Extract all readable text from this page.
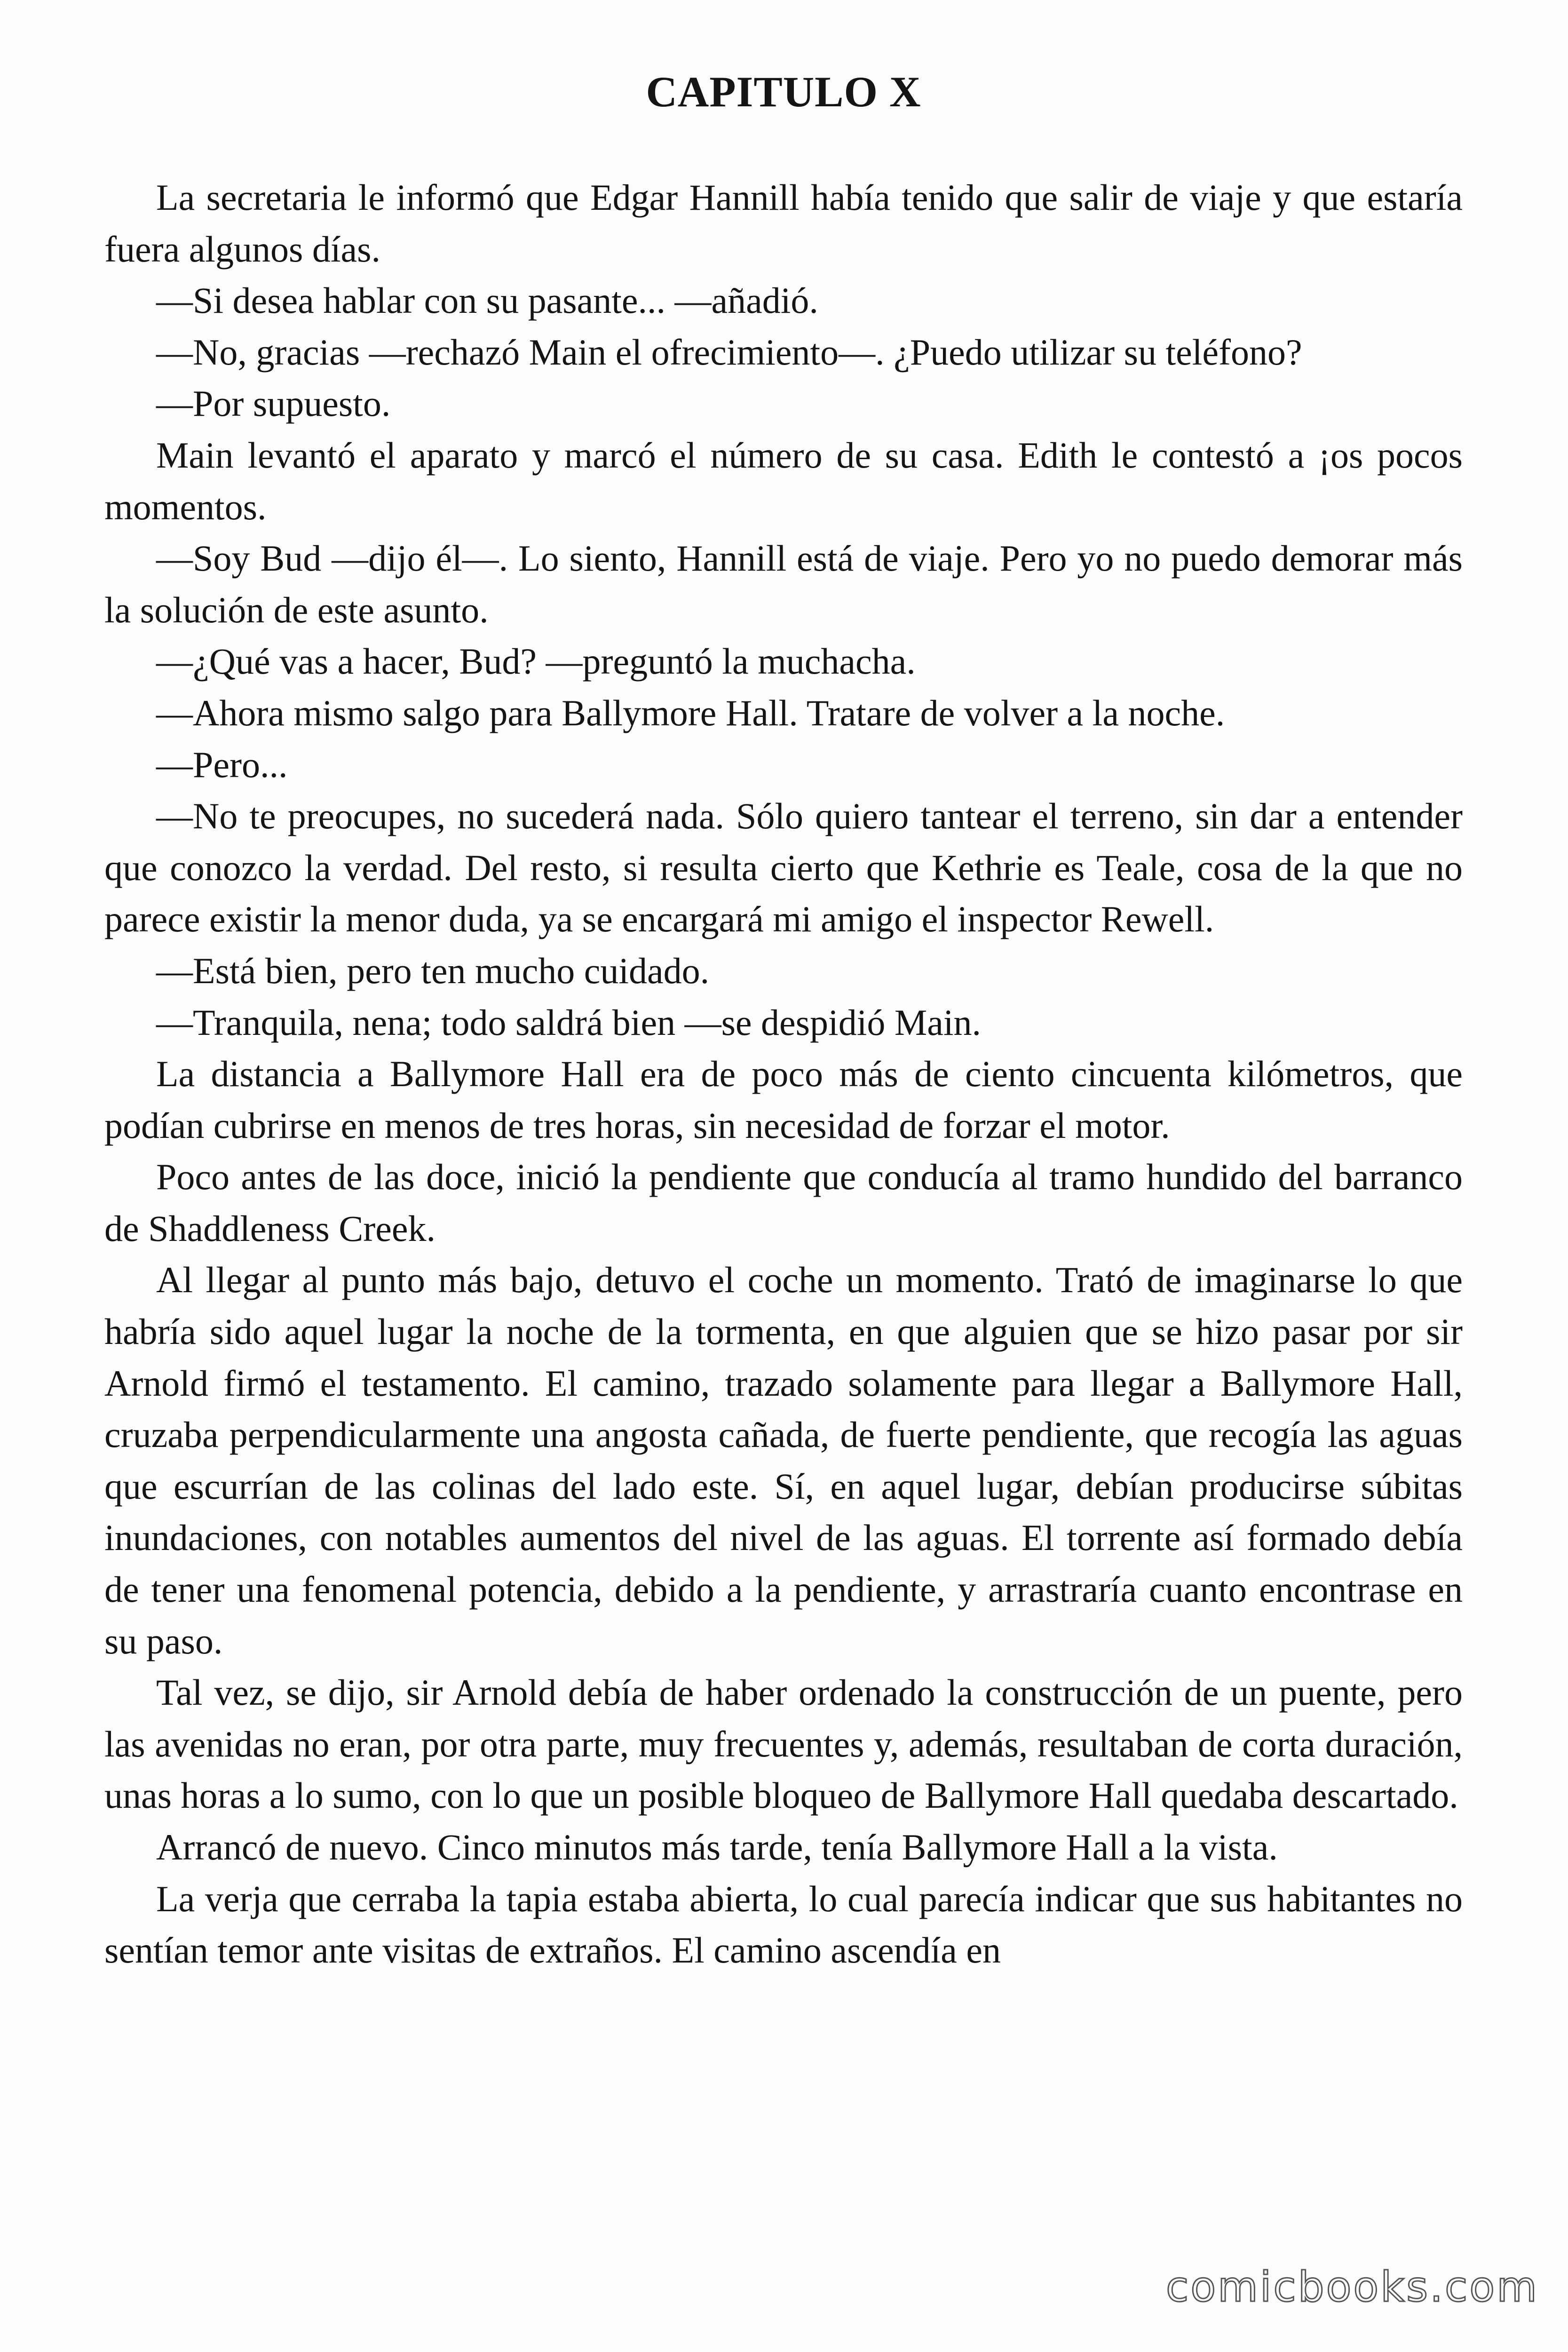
CAPITULO X

La secretaria le informó que Edgar Hannill había tenido que salir de viaje y que estaría fuera algunos días.

—Si desea hablar con su pasante... —añadió.

—No, gracias —rechazó Main el ofrecimiento—. ¿Puedo utilizar su teléfono?

—Por supuesto.

Main levantó el aparato y marcó el número de su casa. Edith le contestó a ¡os pocos momentos.

—Soy Bud —dijo él—. Lo siento, Hannill está de viaje. Pero yo no puedo demorar más la solución de este asunto.

—¿Qué vas a hacer, Bud? —preguntó la muchacha.

—Ahora mismo salgo para Ballymore Hall. Tratare de volver a la noche.

—Pero...

—No te preocupes, no sucederá nada. Sólo quiero tantear el terreno, sin dar a entender que conozco la verdad. Del resto, si resulta cierto que Kethrie es Teale, cosa de la que no parece existir la menor duda, ya se encargará mi amigo el inspector Rewell.

—Está bien, pero ten mucho cuidado.

—Tranquila, nena; todo saldrá bien —se despidió Main.

La distancia a Ballymore Hall era de poco más de ciento cincuenta kilómetros, que podían cubrirse en menos de tres horas, sin necesidad de forzar el motor.

Poco antes de las doce, inició la pendiente que conducía al tramo hundido del barranco de Shaddleness Creek.

Al llegar al punto más bajo, detuvo el coche un momento. Trató de imaginarse lo que habría sido aquel lugar la noche de la tormenta, en que alguien que se hizo pasar por sir Arnold firmó el testamento. El camino, trazado solamente para llegar a Ballymore Hall, cruzaba perpendicularmente una angosta cañada, de fuerte pendiente, que recogía las aguas que escurrían de las colinas del lado este. Sí, en aquel lugar, debían producirse súbitas inundaciones, con notables aumentos del nivel de las aguas. El torrente así formado debía de tener una fenomenal potencia, debido a la pendiente, y arrastraría cuanto encontrase en su paso.

Tal vez, se dijo, sir Arnold debía de haber ordenado la construcción de un puente, pero las avenidas no eran, por otra parte, muy frecuentes y, además, resultaban de corta duración, unas horas a lo sumo, con lo que un posible bloqueo de Ballymore Hall quedaba descartado.

Arrancó de nuevo. Cinco minutos más tarde, tenía Ballymore Hall a la vista.

La verja que cerraba la tapia estaba abierta, lo cual parecía indicar que sus habitantes no sentían temor ante visitas de extraños. El camino ascendía en

comicbooks.com
